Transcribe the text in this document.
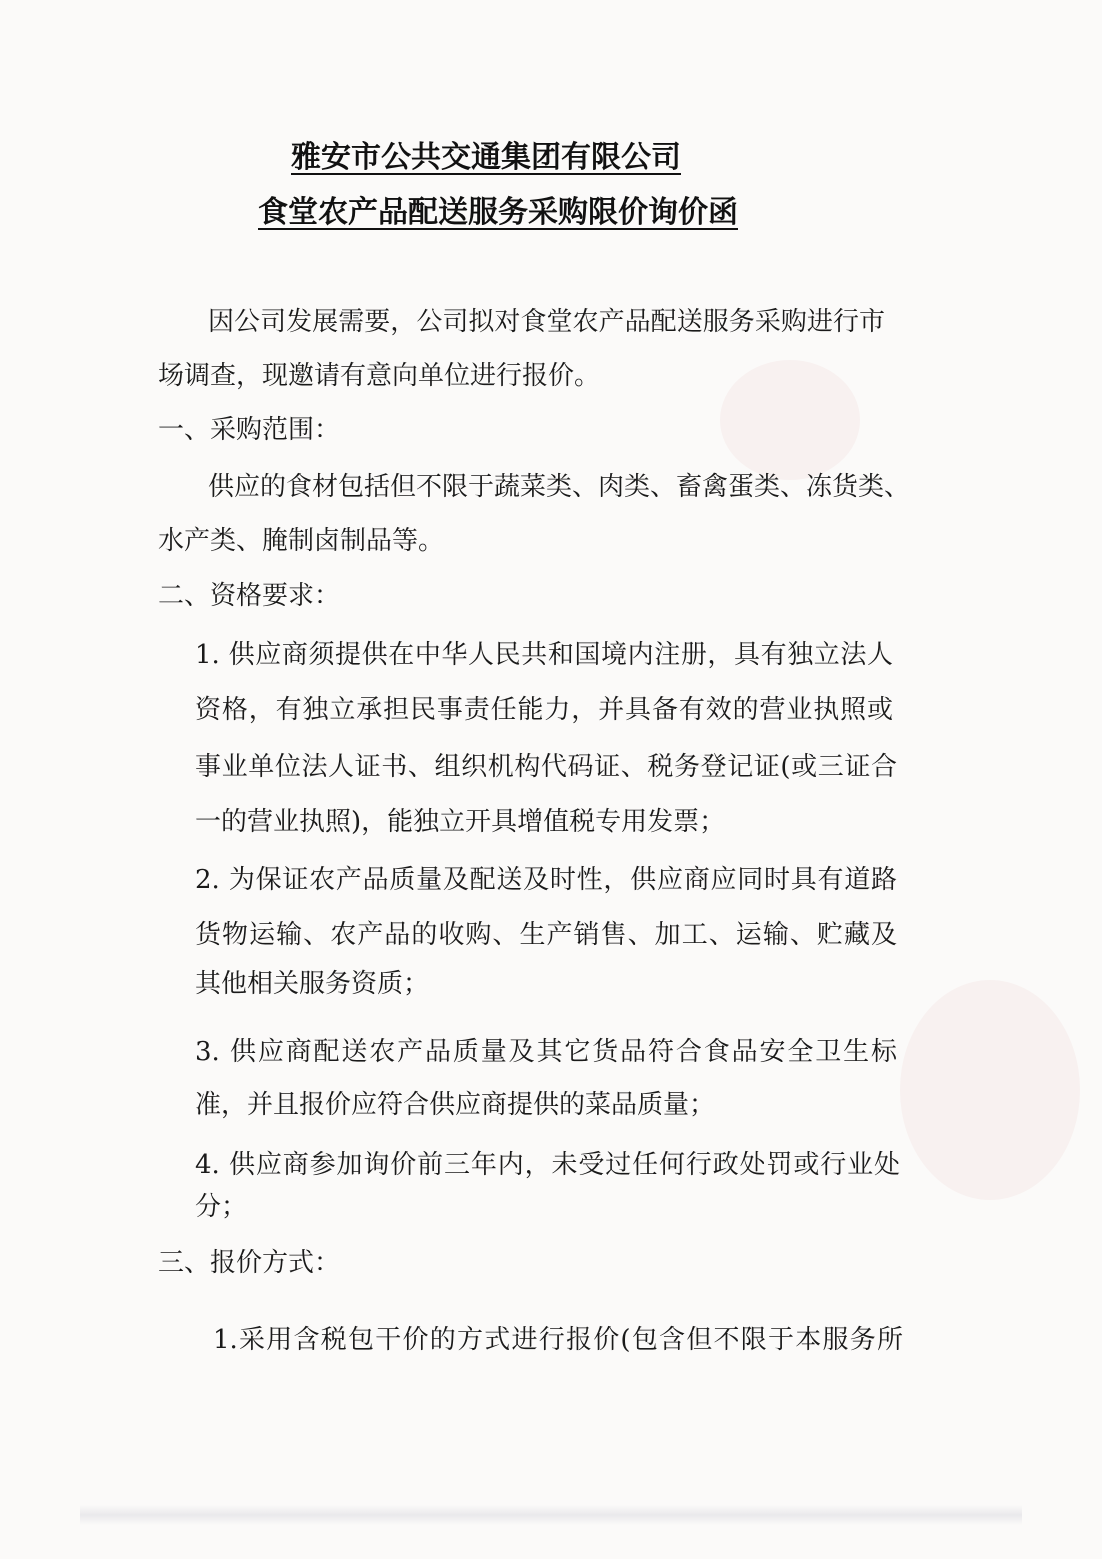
雅安市公共交通集团有限公司
食堂农产品配送服务采购限价询价函
因公司发展需要，公司拟对食堂农产品配送服务采购进行市
场调查，现邀请有意向单位进行报价。
一、采购范围：
供应的食材包括但不限于蔬菜类、肉类、畜禽蛋类、冻货类、
水产类、腌制卤制品等。
二、资格要求：
1. 供应商须提供在中华人民共和国境内注册，具有独立法人
资格，有独立承担民事责任能力，并具备有效的营业执照或
事业单位法人证书、组织机构代码证、税务登记证(或三证合
一的营业执照)，能独立开具增值税专用发票；
2. 为保证农产品质量及配送及时性，供应商应同时具有道路
货物运输、农产品的收购、生产销售、加工、运输、贮藏及
其他相关服务资质；
3. 供应商配送农产品质量及其它货品符合食品安全卫生标
准，并且报价应符合供应商提供的菜品质量；
4. 供应商参加询价前三年内，未受过任何行政处罚或行业处
分；
三、报价方式：
1.采用含税包干价的方式进行报价(包含但不限于本服务所
